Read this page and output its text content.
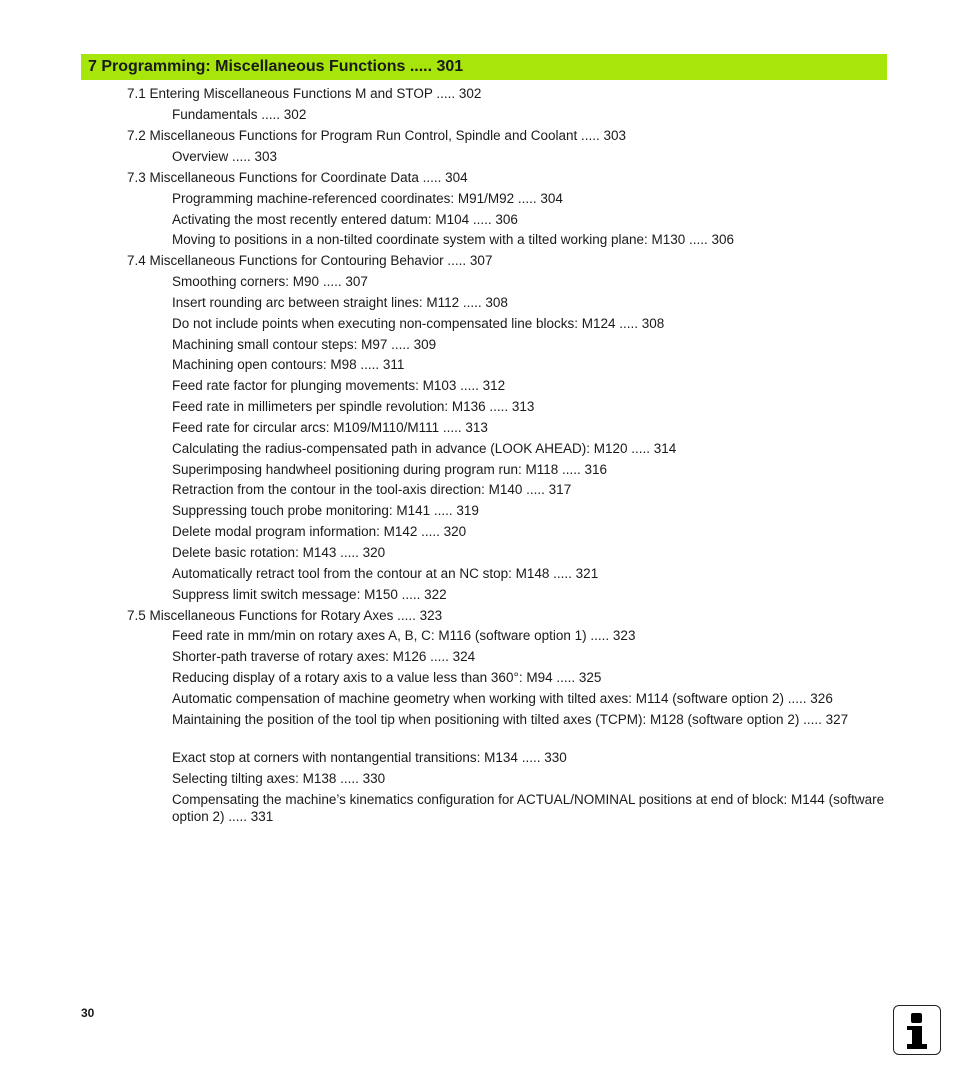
7 Programming: Miscellaneous Functions ..... 301
7.1 Entering Miscellaneous Functions M and STOP ..... 302
Fundamentals ..... 302
7.2 Miscellaneous Functions for Program Run Control, Spindle and Coolant ..... 303
Overview ..... 303
7.3 Miscellaneous Functions for Coordinate Data ..... 304
Programming machine-referenced coordinates: M91/M92 ..... 304
Activating the most recently entered datum: M104 ..... 306
Moving to positions in a non-tilted coordinate system with a tilted working plane: M130 ..... 306
7.4 Miscellaneous Functions for Contouring Behavior ..... 307
Smoothing corners: M90 ..... 307
Insert rounding arc between straight lines: M112 ..... 308
Do not include points when executing non-compensated line blocks: M124 ..... 308
Machining small contour steps: M97 ..... 309
Machining open contours: M98 ..... 311
Feed rate factor for plunging movements: M103 ..... 312
Feed rate in millimeters per spindle revolution: M136 ..... 313
Feed rate for circular arcs: M109/M110/M111 ..... 313
Calculating the radius-compensated path in advance (LOOK AHEAD): M120 ..... 314
Superimposing handwheel positioning during program run: M118 ..... 316
Retraction from the contour in the tool-axis direction: M140 ..... 317
Suppressing touch probe monitoring: M141 ..... 319
Delete modal program information: M142 ..... 320
Delete basic rotation: M143 ..... 320
Automatically retract tool from the contour at an NC stop: M148 ..... 321
Suppress limit switch message: M150 ..... 322
7.5 Miscellaneous Functions for Rotary Axes ..... 323
Feed rate in mm/min on rotary axes A, B, C: M116 (software option 1) ..... 323
Shorter-path traverse of rotary axes: M126 ..... 324
Reducing display of a rotary axis to a value less than 360°: M94 ..... 325
Automatic compensation of machine geometry when working with tilted axes: M114 (software option 2) ..... 326
Maintaining the position of the tool tip when positioning with tilted axes (TCPM): M128 (software option 2) ..... 327
Exact stop at corners with nontangential transitions: M134 ..... 330
Selecting tilting axes: M138 ..... 330
Compensating the machine’s kinematics configuration for ACTUAL/NOMINAL positions at end of block: M144 (software option 2) ..... 331
30
